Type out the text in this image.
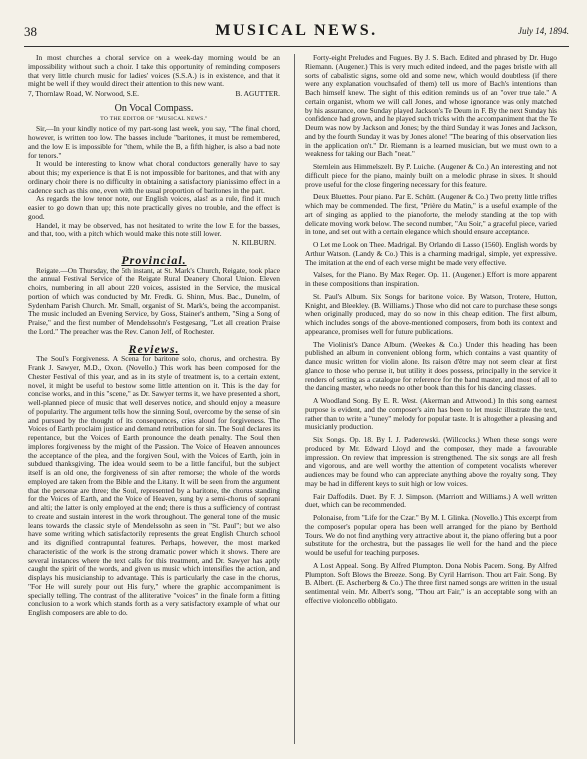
38	MUSICAL NEWS.	July 14, 1894.

In most churches a choral service on a week-day morning would be an impossibility without such a choir. I take this opportunity of reminding composers that very little church music for ladies' voices (S.S.A.) is in existence, and that it might be well if they would direct their attention to this new want.

7, Thornlaw Road, W. Norwood, S.E.	B. AGUTTER.
On Vocal Compass.
TO THE EDITOR OF "MUSICAL NEWS."

Sir,—In your kindly notice of my part-song last week, you say, "The final chord, however, is written too low. The basses include "baritones, it must be remembered, and the low E is impossible for "them, while the B, a fifth higher, is also a bad note for tenors."

It would be interesting to know what choral conductors generally have to say about this; my experience is that E is not impossible for baritones, and that with any ordinary choir there is no difficulty in obtaining a satisfactory pianissimo effect in a cadence such as this one, even with the usual proportion of baritones in the part.

As regards the low tenor note, our English voices, alas! as a rule, find it much easier to go down than up; this note practically gives no trouble, and the effect is good.

Handel, it may be observed, has not hesitated to write the low E for the basses, and that, too, with a pitch which would make this note still lower.

N. KILBURN.
Provincial.

Reigate.—On Thursday, the 5th instant, at St. Mark's Church, Reigate, took place the annual Festival Service of the Reigate Rural Deanery Choral Union. Eleven choirs, numbering in all about 220 voices, assisted in the Service, the musical portion of which was conducted by Mr. Fredk. G. Shinn, Mus. Bac., Dunelm, of Sydenham Parish Church. Mr. Small, organist of St. Mark's, being the accompanist. The music included an Evening Service, by Goss, Stainer's anthem, "Sing a Song of Praise," and the first number of Mendelssohn's Festgesang, "Let all creation Praise the Lord." The preacher was the Rev. Canon Jelf, of Rochester.

Reviews.

The Soul's Forgiveness. A Scena for baritone solo, chorus, and orchestra. By Frank J. Sawyer, M.D., Oxon. (Novello.) This work has been composed for the Chester Festival of this year, and as in its style of treatment is, to a certain extent, novel, it might be useful to bestow some little attention on it. This is the day for concise works, and in this "scene," as Dr. Sawyer terms it, we have presented a short, well-planned piece of music that well deserves notice, and should enjoy a measure of popularity. The argument tells how the sinning Soul, overcome by the sense of sin and pursued by the thought of its consequences, cries aloud for forgiveness. The Voices of Earth proclaim justice and demand retribution for sin. The Soul declares its repentance, but the Voices of Earth pronounce the death penalty. The Soul then implores forgiveness by the might of the Passion. The Voice of Heaven announces the acceptance of the plea, and the forgiven Soul, with the Voices of Earth, join in subdued thanksgiving. The idea would seem to be a little fanciful, but the subject itself is an old one, the forgiveness of sin after remorse; the whole of the words employed are taken from the Bible and the Litany. It will be seen from the argument that the personæ are three; the Soul, represented by a baritone, the chorus standing for the Voices of Earth, and the Voice of Heaven, sung by a semi-chorus of soprani and alti; the latter is only employed at the end; there is thus a sufficiency of contrast to create and sustain interest in the work throughout. The general tone of the music leans towards the classic style of Mendelssohn as seen in "St. Paul"; but we also have some writing which satisfactorily represents the great English Church school and its dignified contrapuntal features. Perhaps, however, the most marked characteristic of the work is the strong dramatic power which it shows. There are several instances where the text calls for this treatment, and Dr. Sawyer has aptly caught the spirit of the words, and given us music which intensifies the action, and displays his musicianship to advantage. This is particularly the case in the chorus, "For He will surely pour out His fury," where the graphic accompaniment is specially telling. The contrast of the alliterative "voices" in the finale form a fitting conclusion to a work which stands forth as a very satisfactory example of what our English composers are able to do.

Forty-eight Preludes and Fugues. By J. S. Bach. Edited and phrased by Dr. Hugo Riemann. (Augener.) This is very much edited indeed, and the pages bristle with all sorts of cabalistic signs, some old and some new, which would doubtless (if there were any explanation vouchsafed of them) tell us more of Bach's intentions than Bach himself knew. The sight of this edition reminds us of an "over true tale." A certain organist, whom we will call Jones, and whose ignorance was only matched by his assurance, one Sunday played Jackson's Te Deum in F. By the next Sunday his confidence had grown, and he played such tricks with the accompaniment that the Te Deum was now by Jackson and Jones; by the third Sunday it was Jones and Jackson, and by the fourth Sunday it was by Jones alone! "The bearing of this observation lies in the application on't." Dr. Riemann is a learned musician, but we must own to a weakness for taking our Bach "neat."

Sternlein aus Himmelszelt. By P. Luiche. (Augener & Co.) An interesting and not difficult piece for the piano, mainly built on a melodic phrase in sixes. It should prove useful for the close fingering necessary for this feature.

Deux Bluettes. Pour piano. Par E. Schütt. (Augener & Co.) Two pretty little trifles which may be commended. The first, "Prière du Matin," is a useful example of the art of singing as applied to the pianoforte, the melody standing at the top with delicate moving work below. The second number, "Au Soir," a graceful piece, varied in tone, and set out with a certain elegance which should ensure acceptance.

O Let me Look on Thee. Madrigal. By Orlando di Lasso (1560). English words by Arthur Watson. (Landy & Co.) This is a charming madrigal, simple, yet expressive. The imitation at the end of each verse might be made very effective.

Valses, for the Piano. By Max Reger. Op. 11. (Augener.) Effort is more apparent in these compositions than inspiration.

St. Paul's Album. Six Songs for baritone voice. By Watson, Trotere, Hutton, Knight, and Bleekley. (B. Williams.) Those who did not care to purchase these songs when originally produced, may do so now in this cheap edition. The first album, which includes songs of the above-mentioned composers, from both its context and appearance, promises well for future publications.

The Violinist's Dance Album. (Weekes & Co.) Under this heading has been published an album in convenient oblong form, which contains a vast quantity of dance music written for violin alone. Its raison d'être may not seem clear at first glance to those who peruse it, but utility it does possess, principally in the service it renders of setting as a catalogue for reference for the band master, and most of all to the dancing master, who needs no other book than this for his dancing classes.

A Woodland Song. By E. R. West. (Akerman and Attwood.) In this song earnest purpose is evident, and the composer's aim has been to let music illustrate the text, rather than to write a "tuney" melody for popular taste. It is altogether a pleasing and musicianly production.

Six Songs. Op. 18. By I. J. Paderewski. (Willcocks.) When these songs were produced by Mr. Edward Lloyd and the composer, they made a favourable impression. On review that impression is strengthened. The six songs are all fresh and vigorous, and are well worthy the attention of competent vocalists wherever audiences may be found who can appreciate anything above the royalty song. They may be had in different keys to suit high or low voices.

Fair Daffodils. Duet. By F. J. Simpson. (Marriott and Williams.) A well written duet, which can be recommended.

Polonaise, from "Life for the Czar." By M. I. Glinka. (Novello.) This excerpt from the composer's popular opera has been well arranged for the piano by Berthold Tours. We do not find anything very attractive about it, the piano offering but a poor substitute for the orchestra, but the passages lie well for the hand and the piece would be useful for teaching purposes.

A Lost Appeal. Song. By Alfred Plumpton. Dona Nobis Pacem. Song. By Alfred Plumpton. Soft Blows the Breeze. Song. By Cyril Harrison. Thou art Fair. Song. By B. Albert. (E. Ascherberg & Co.) The three first named songs are written in the usual sentimental vein. Mr. Albert's song, "Thou art Fair," is an acceptable song with an effective violoncello obbligato.
